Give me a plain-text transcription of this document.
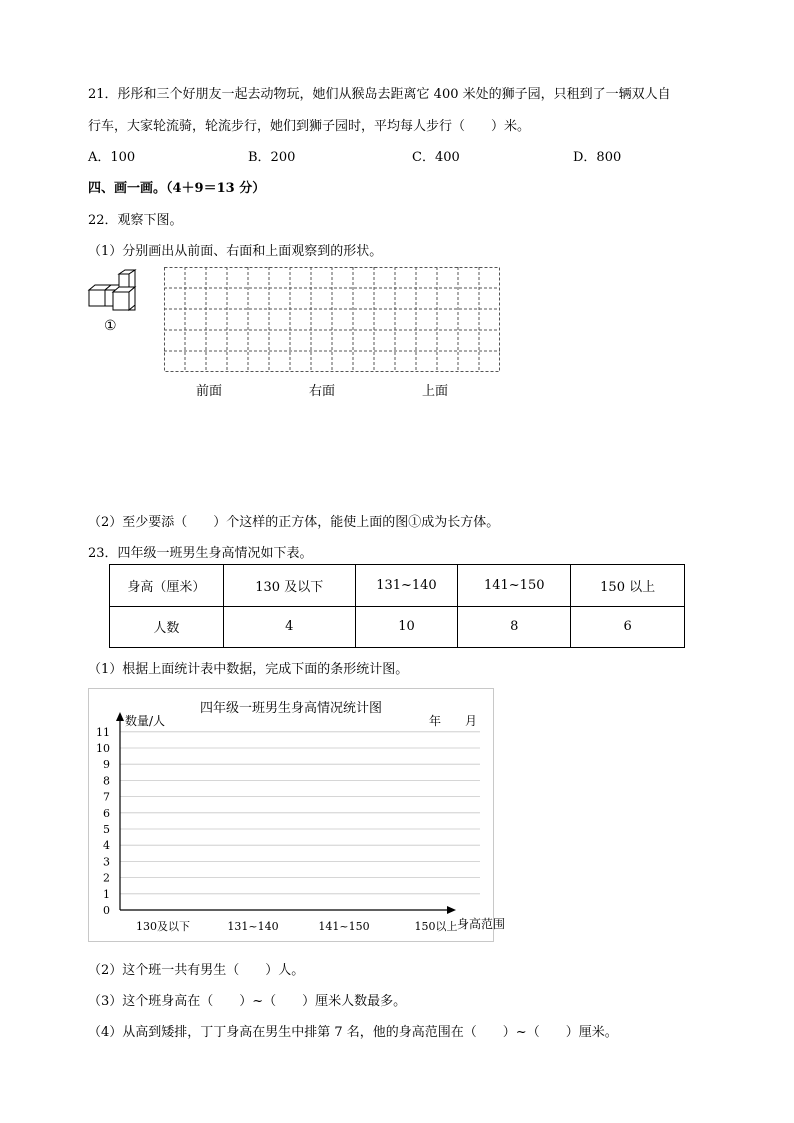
21．彤彤和三个好朋友一起去动物玩，她们从猴岛去距离它 400 米处的狮子园，只租到了一辆双人自
行车，大家轮流骑，轮流步行，她们到狮子园时，平均每人步行（　　）米。
A．100	B．200	C．400	D．800
四、画一画。（4＋9＝13 分）
22．观察下图。
（1）分别画出从前面、右面和上面观察到的形状。
①
前面	右面	上面
（2）至少要添（　　）个这样的正方体，能使上面的图①成为长方体。
23．四年级一班男生身高情况如下表。
身高（厘米）	130 及以下	131~140	141~150	150 以上
人数	4	10	8	6
（1）根据上面统计表中数据，完成下面的条形统计图。
四年级一班男生身高情况统计图
年　　月
数量/人
身高范围
0
1
2
3
4
5
6
7
8
9
10
11
130及以下	131~140	141~150	150以上
（2）这个班一共有男生（　　）人。
（3）这个班身高在（　　）~（　　）厘米人数最多。
（4）从高到矮排，丁丁身高在男生中排第 7 名，他的身高范围在（　　）~（　　）厘米。
